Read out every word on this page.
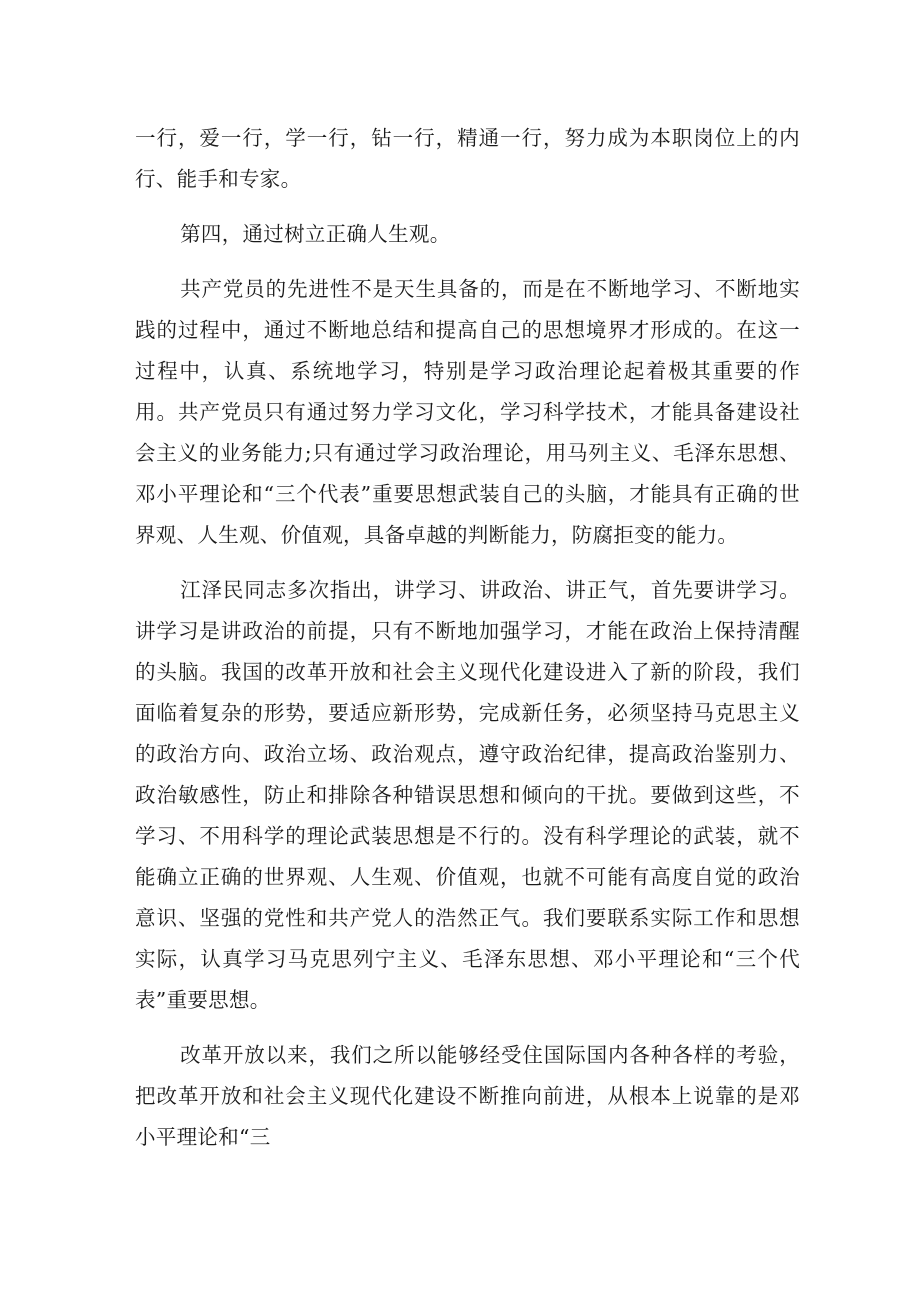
一行，爱一行，学一行，钻一行，精通一行，努力成为本职岗位上的内行、能手和专家。

第四，通过树立正确人生观。

共产党员的先进性不是天生具备的，而是在不断地学习、不断地实践的过程中，通过不断地总结和提高自己的思想境界才形成的。在这一过程中，认真、系统地学习，特别是学习政治理论起着极其重要的作用。共产党员只有通过努力学习文化，学习科学技术，才能具备建设社会主义的业务能力;只有通过学习政治理论，用马列主义、毛泽东思想、邓小平理论和“三个代表”重要思想武装自己的头脑，才能具有正确的世界观、人生观、价值观，具备卓越的判断能力，防腐拒变的能力。

江泽民同志多次指出，讲学习、讲政治、讲正气，首先要讲学习。讲学习是讲政治的前提，只有不断地加强学习，才能在政治上保持清醒的头脑。我国的改革开放和社会主义现代化建设进入了新的阶段，我们面临着复杂的形势，要适应新形势，完成新任务，必须坚持马克思主义的政治方向、政治立场、政治观点，遵守政治纪律，提高政治鉴别力、政治敏感性，防止和排除各种错误思想和倾向的干扰。要做到这些，不学习、不用科学的理论武装思想是不行的。没有科学理论的武装，就不能确立正确的世界观、人生观、价值观，也就不可能有高度自觉的政治意识、坚强的党性和共产党人的浩然正气。我们要联系实际工作和思想实际，认真学习马克思列宁主义、毛泽东思想、邓小平理论和“三个代表”重要思想。

改革开放以来，我们之所以能够经受住国际国内各种各样的考验，把改革开放和社会主义现代化建设不断推向前进，从根本上说靠的是邓小平理论和“三
